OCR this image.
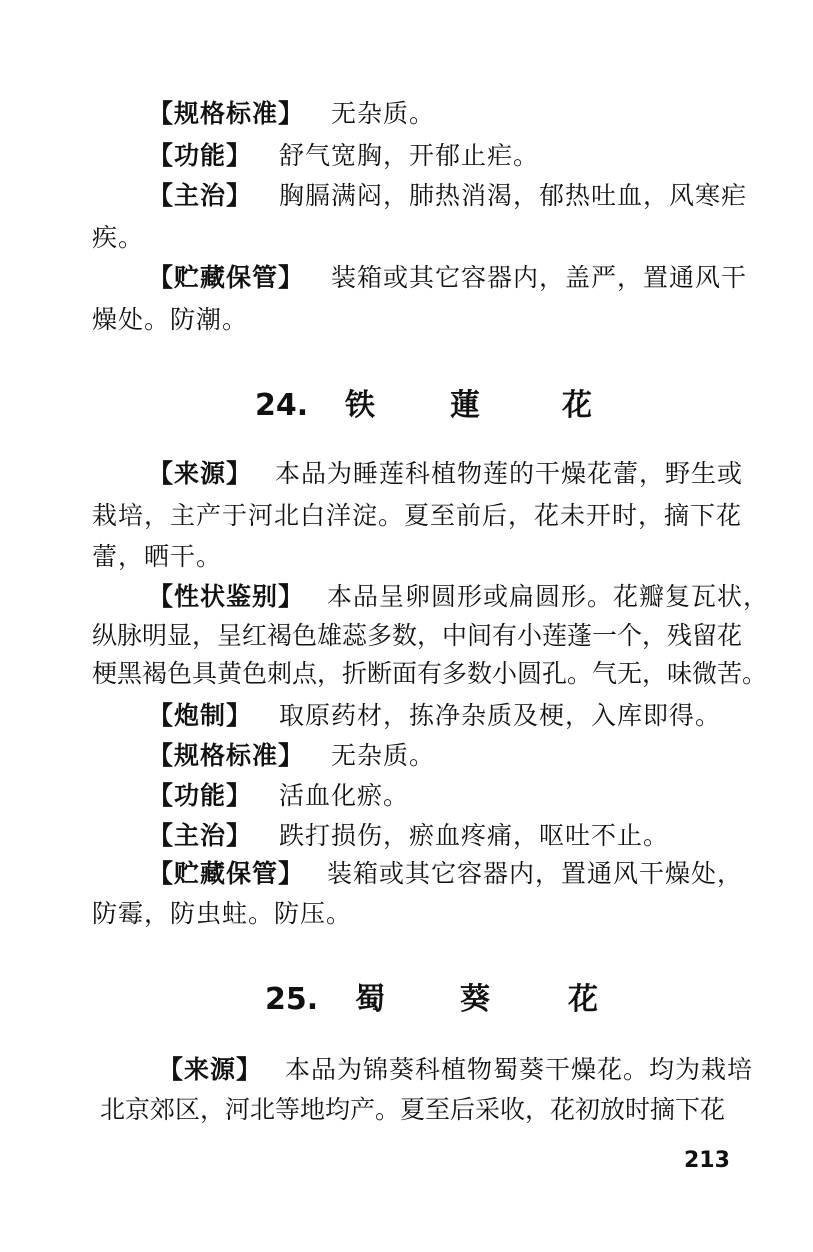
【规格标准】 无杂质。
【功能】 舒气宽胸，开郁止疟。
【主治】 胸膈满闷，肺热消渴，郁热吐血，风寒疟
疾。
【贮藏保管】 装箱或其它容器内，盖严，置通风干
燥处。防潮。
24. 铁	蓮	花
【来源】 本品为睡莲科植物莲的干燥花蕾，野生或
栽培，主产于河北白洋淀。夏至前后，花未开时，摘下花
蕾，晒干。
【性状鉴别】 本品呈卵圆形或扁圆形。花瓣复瓦状，
纵脉明显，呈红褐色雄蕊多数，中间有小莲蓬一个，残留花
梗黑褐色具黄色刺点，折断面有多数小圆孔。气无，味微苦。
【炮制】 取原药材，拣净杂质及梗，入库即得。
【规格标准】 无杂质。
【功能】 活血化瘀。
【主治】 跌打损伤，瘀血疼痛，呕吐不止。
【贮藏保管】 装箱或其它容器内，置通风干燥处，
防霉，防虫蛀。防压。
25. 蜀	葵	花
【来源】 本品为锦葵科植物蜀葵干燥花。均为栽培
北京郊区，河北等地均产。夏至后采收，花初放时摘下花
213
